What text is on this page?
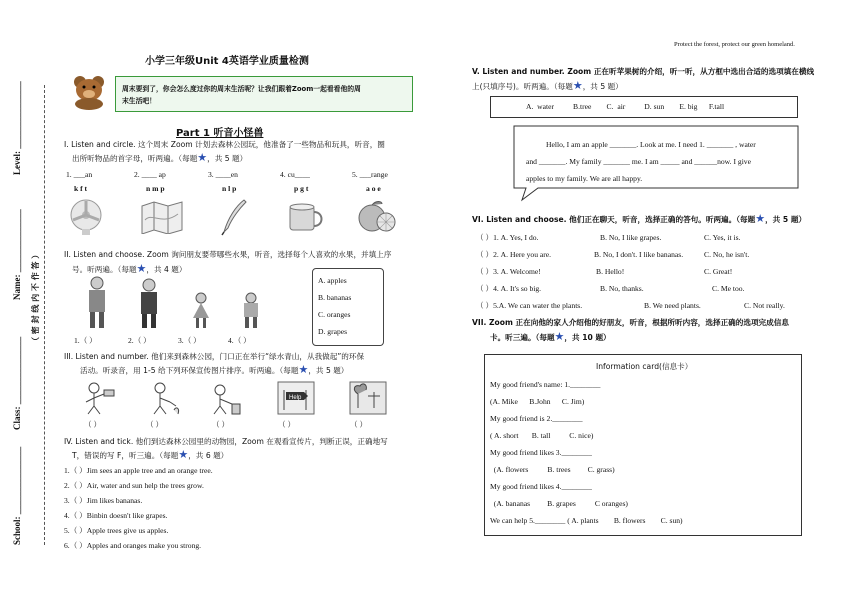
Level: _______________
Name: ______________
（ 密 封 线 内 不 作 答 ）
Class: _______________
School: _______________
Protect the forest, protect our green homeland.
小学三年级Unit 4英语学业质量检测
周末要到了，你会怎么度过你的周末生活呢？让我们跟着Zoom一起看看他的周
末生活吧！
Part 1 听音小怪兽
I. Listen and circle. 这个周末 Zoom 计划去森林公园玩，他准备了一些物品和玩具，听音，圈
出所听物品的首字母，听两遍。（每题★，共 5 题）
1. ___an	2. ____ ap	3. ____en	4. cu____	5. ___range
k f t	n m p	n l p	p g t	a o e
II. Listen and choose. Zoom 询问朋友要带哪些水果，听音，选择每个人喜欢的水果，并填上序
号。听两遍。（每题★，共 4 题）
1.（ ）	2.（ ）	3.（ ）	4.（ ）
A. apples
B. bananas
C. oranges
D. grapes
III. Listen and number. 他们来到森林公园，门口正在举行“绿水青山，从我做起”的环保
活动。听录音，用 1-5 给下列环保宣传图片排序。听两遍。（每题★，共 5 题）
Help
（ ）	（ ）	（ ）	（ ）	（ ）
IV. Listen and tick. 他们到达森林公园里的动物园，Zoom 在观看宣传片，判断正误，正确地写
T，错误的写 F，听三遍。（每题★，共 6 题）
1.（ ）Jim sees an apple tree and an orange tree.
2.（ ）Air, water and sun help the trees grow.
3.（ ）Jim likes bananas.
4.（ ）Binbin doesn't like grapes.
5.（ ）Apple trees give us apples.
6.（ ）Apples and oranges make you strong.
V. Listen and number. Zoom 正在听苹果树的介绍，听一听，从方框中选出合适的选项填在横线
上(只填序号)。听两遍。（每题★，共 5 题）
A.  water          B.tree        C.  air          D. sun        E. big      F.tall
Hello, I am an apple _______. Look at me. I need 1. _______ , water
and _______. My family _______ me. I am _____ and ______now. I give
apples to my family. We are all happy.
VI. Listen and choose. 他们正在聊天，听音，选择正确的答句。听两遍。（每题★，共 5 题）
（ ）1. A. Yes, I do.	B. No, I like grapes.	C. Yes, it is.
（ ）2. A. Here you are.	B. No, I don't. I like bananas.	C. No, he isn't.
（ ）3. A. Welcome!	B. Hello!	C. Great!
（ ）4. A. It's so big.	B. No, thanks.	C. Me too.
（ ）5.A. We can water the plants.	B. We need plants.	C. Not really.
VII. Zoom 正在向他的家人介绍他的好朋友，听音，根据所听内容，选择正确的选项完成信息
卡。听三遍。（每题★，共 10 题）
Information card(信息卡）
My good friend's name: 1.________
(A. Mike      B.John      C. Jim)
My good friend is 2.________
( A. short       B. tall          C. nice)
My good friend likes 3.________
(A. flowers          B. trees         C. grass)
My good friend likes 4.________
(A. bananas         B. grapes          C oranges)
We can help 5.________ ( A. plants        B. flowers        C. sun)
